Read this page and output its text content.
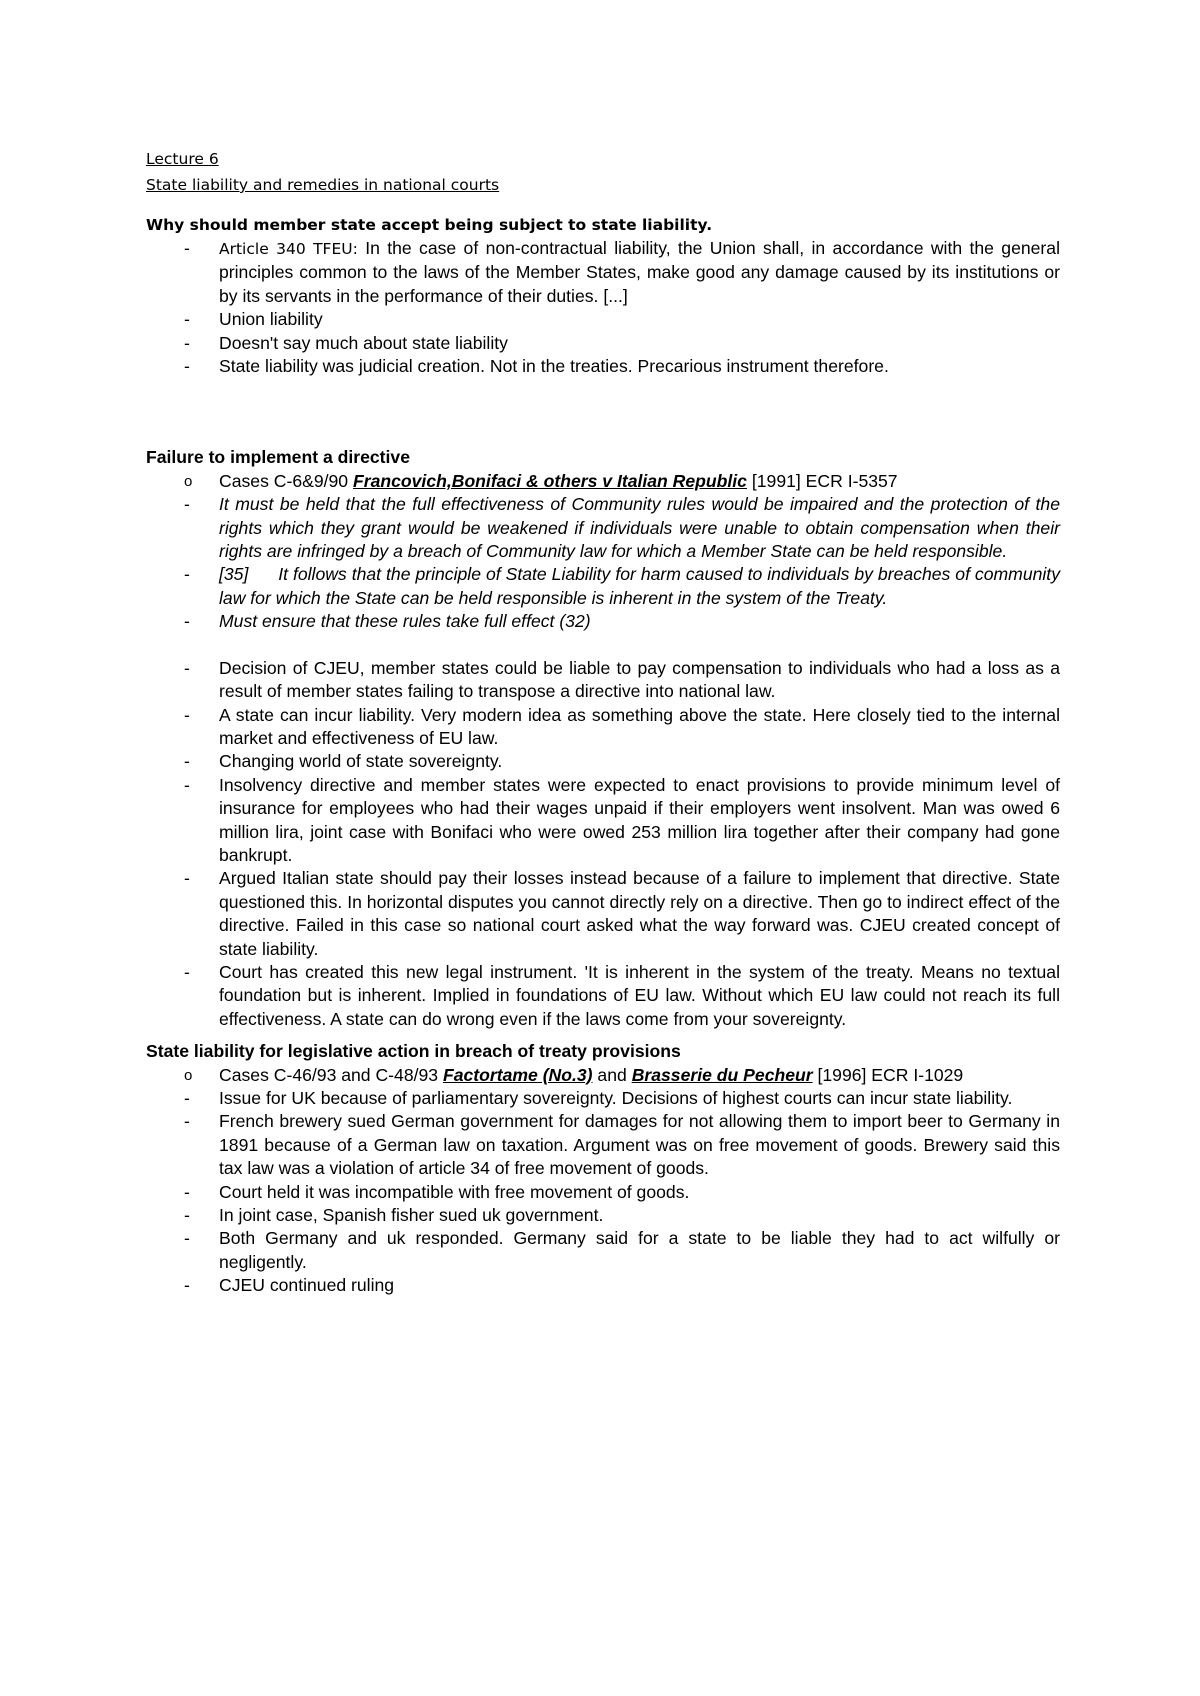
Lecture 6
State liability and remedies in national courts
Why should member state accept being subject to state liability.
- Article 340 TFEU: In the case of non-contractual liability, the Union shall, in accordance with the general principles common to the laws of the Member States, make good any damage caused by its institutions or by its servants in the performance of their duties. [...]
- Union liability
- Doesn't say much about state liability
- State liability was judicial creation. Not in the treaties. Precarious instrument therefore.
Failure to implement a directive
o Cases C-6&9/90 Francovich,Bonifaci & others v Italian Republic [1991] ECR I-5357
- It must be held that the full effectiveness of Community rules would be impaired and the protection of the rights which they grant would be weakened if individuals were unable to obtain compensation when their rights are infringed by a breach of Community law for which a Member State can be held responsible.
- [35]      It follows that the principle of State Liability for harm caused to individuals by breaches of community law for which the State can be held responsible is inherent in the system of the Treaty.
- Must ensure that these rules take full effect (32)
- Decision of CJEU, member states could be liable to pay compensation to individuals who had a loss as a result of member states failing to transpose a directive into national law.
- A state can incur liability. Very modern idea as something above the state. Here closely tied to the internal market and effectiveness of EU law.
- Changing world of state sovereignty.
- Insolvency directive and member states were expected to enact provisions to provide minimum level of insurance for employees who had their wages unpaid if their employers went insolvent. Man was owed 6 million lira, joint case with Bonifaci who were owed 253 million lira together after their company had gone bankrupt.
- Argued Italian state should pay their losses instead because of a failure to implement that directive. State questioned this. In horizontal disputes you cannot directly rely on a directive. Then go to indirect effect of the directive. Failed in this case so national court asked what the way forward was. CJEU created concept of state liability.
- Court has created this new legal instrument. 'It is inherent in the system of the treaty. Means no textual foundation but is inherent. Implied in foundations of EU law. Without which EU law could not reach its full effectiveness. A state can do wrong even if the laws come from your sovereignty.
State liability for legislative action in breach of treaty provisions
o Cases C-46/93 and C-48/93 Factortame (No.3) and Brasserie du Pecheur [1996] ECR I-1029
- Issue for UK because of parliamentary sovereignty. Decisions of highest courts can incur state liability.
- French brewery sued German government for damages for not allowing them to import beer to Germany in 1891 because of a German law on taxation. Argument was on free movement of goods. Brewery said this tax law was a violation of article 34 of free movement of goods.
- Court held it was incompatible with free movement of goods.
- In joint case, Spanish fisher sued uk government.
- Both Germany and uk responded. Germany said for a state to be liable they had to act wilfully or negligently.
- CJEU continued ruling
